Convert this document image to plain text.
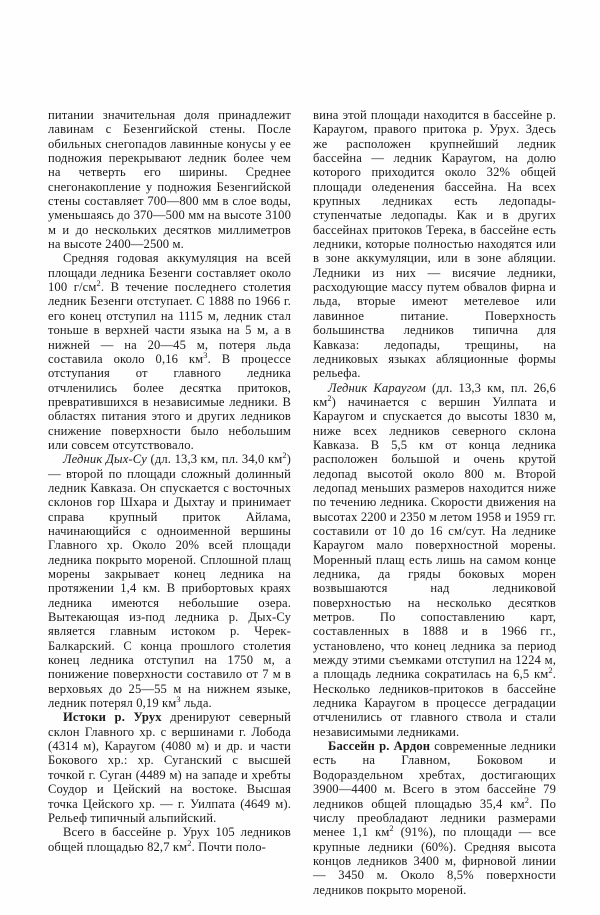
питании значительная доля принадлежит лавинам с Безенгийской стены. После обильных снегопадов лавинные конусы у ее подножия перекрывают ледник более чем на четверть его ширины. Среднее снегонакопление у подножия Безенгийской стены составляет 700—800 мм в слое воды, уменьшаясь до 370—500 мм на высоте 3100 м и до нескольких десятков миллиметров на высоте 2400—2500 м.

Средняя годовая аккумуляция на всей площади ледника Безенги составляет около 100 $г/см^2$. В течение последнего столетия ледник Безенги отступает. С 1888 по 1966 г. его конец отступил на 1115 м, ледник стал тоньше в верхней части языка на 5 м, а в нижней — на 20—45 м, потеря льда составила около 0,16 $км^3$. В процессе отступания от главного ледника отчленились более десятка притоков, превратившихся в независимые ледники. В областях питания этого и других ледников снижение поверхности было небольшим или совсем отсутствовало.

Ледник Дых-Су (дл. 13,3 км, пл. 34,0 $км^2$) — второй по площади сложный долинный ледник Кавказа. Он спускается с восточных склонов гор Шхара и Дыхтау и принимает справа крупный приток Айлама, начинающийся с одноименной вершины Главного хр. Около 20% всей площади ледника покрыто мореной. Сплошной плащ морены закрывает конец ледника на протяжении 1,4 км. В прибортовых краях ледника имеются небольшие озера. Вытекающая из-под ледника р. Дых-Су является главным истоком р. Черек-Балкарский. С конца прошлого столетия конец ледника отступил на 1750 м, а понижение поверхности составило от 7 м в верховьях до 25—55 м на нижнем языке, ледник потерял 0,19 $км^3$ льда.

Истоки р. Урух дренируют северный склон Главного хр. с вершинами г. Лобода (4314 м), Караугом (4080 м) и др. и части Бокового хр.: хр. Суганский с высшей точкой г. Суган (4489 м) на западе и хребты Соудор и Цейский на востоке. Высшая точка Цейского хр. — г. Уилпата (4649 м). Рельеф типичный альпийский.

Всего в бассейне р. Урух 105 ледников общей площадью 82,7 $км^2$. Почти поло-

вина этой площади находится в бассейне р. Караугом, правого притока р. Урух. Здесь же расположен крупнейший ледник бассейна — ледник Караугом, на долю которого приходится около 32% общей площади оледенения бассейна. На всех крупных ледниках есть ледопады-ступенчатые ледопады. Как и в других бассейнах притоков Терека, в бассейне есть ледники, которые полностью находятся или в зоне аккумуляции, или в зоне абляции. Ледники из них — висячие ледники, расходующие массу путем обвалов фирна и льда, вторые имеют метелевое или лавинное питание. Поверхность большинства ледников типична для Кавказа: ледопады, трещины, на ледниковых языках абляционные формы рельефа.

Ледник Караугом (дл. 13,3 км, пл. 26,6 $км^2$) начинается с вершин Уилпата и Караугом и спускается до высоты 1830 м, ниже всех ледников северного склона Кавказа. В 5,5 км от конца ледника расположен большой и очень крутой ледопад высотой около 800 м. Второй ледопад меньших размеров находится ниже по течению ледника. Скорости движения на высотах 2200 и 2350 м летом 1958 и 1959 гг. составили от 10 до 16 см/сут. На леднике Караугом мало поверхностной морены. Моренный плащ есть лишь на самом конце ледника, да гряды боковых морен возвышаются над ледниковой поверхностью на несколько десятков метров. По сопоставлению карт, составленных в 1888 и в 1966 гг., установлено, что конец ледника за период между этими съемками отступил на 1224 м, а площадь ледника сократилась на 6,5 $км^2$. Несколько ледников-притоков в бассейне ледника Караугом в процессе деградации отчленились от главного ствола и стали независимыми ледниками.

Бассейн р. Ардон современные ледники есть на Главном, Боковом и Водораздельном хребтах, достигающих 3900—4400 м. Всего в этом бассейне 79 ледников общей площадью 35,4 $км^2$. По числу преобладают ледники размерами менее 1,1 $км^2$ (91%), по площади — все крупные ледники (60%). Средняя высота концов ледников 3400 м, фирновой линии — 3450 м. Около 8,5% поверхности ледников покрыто мореной.
